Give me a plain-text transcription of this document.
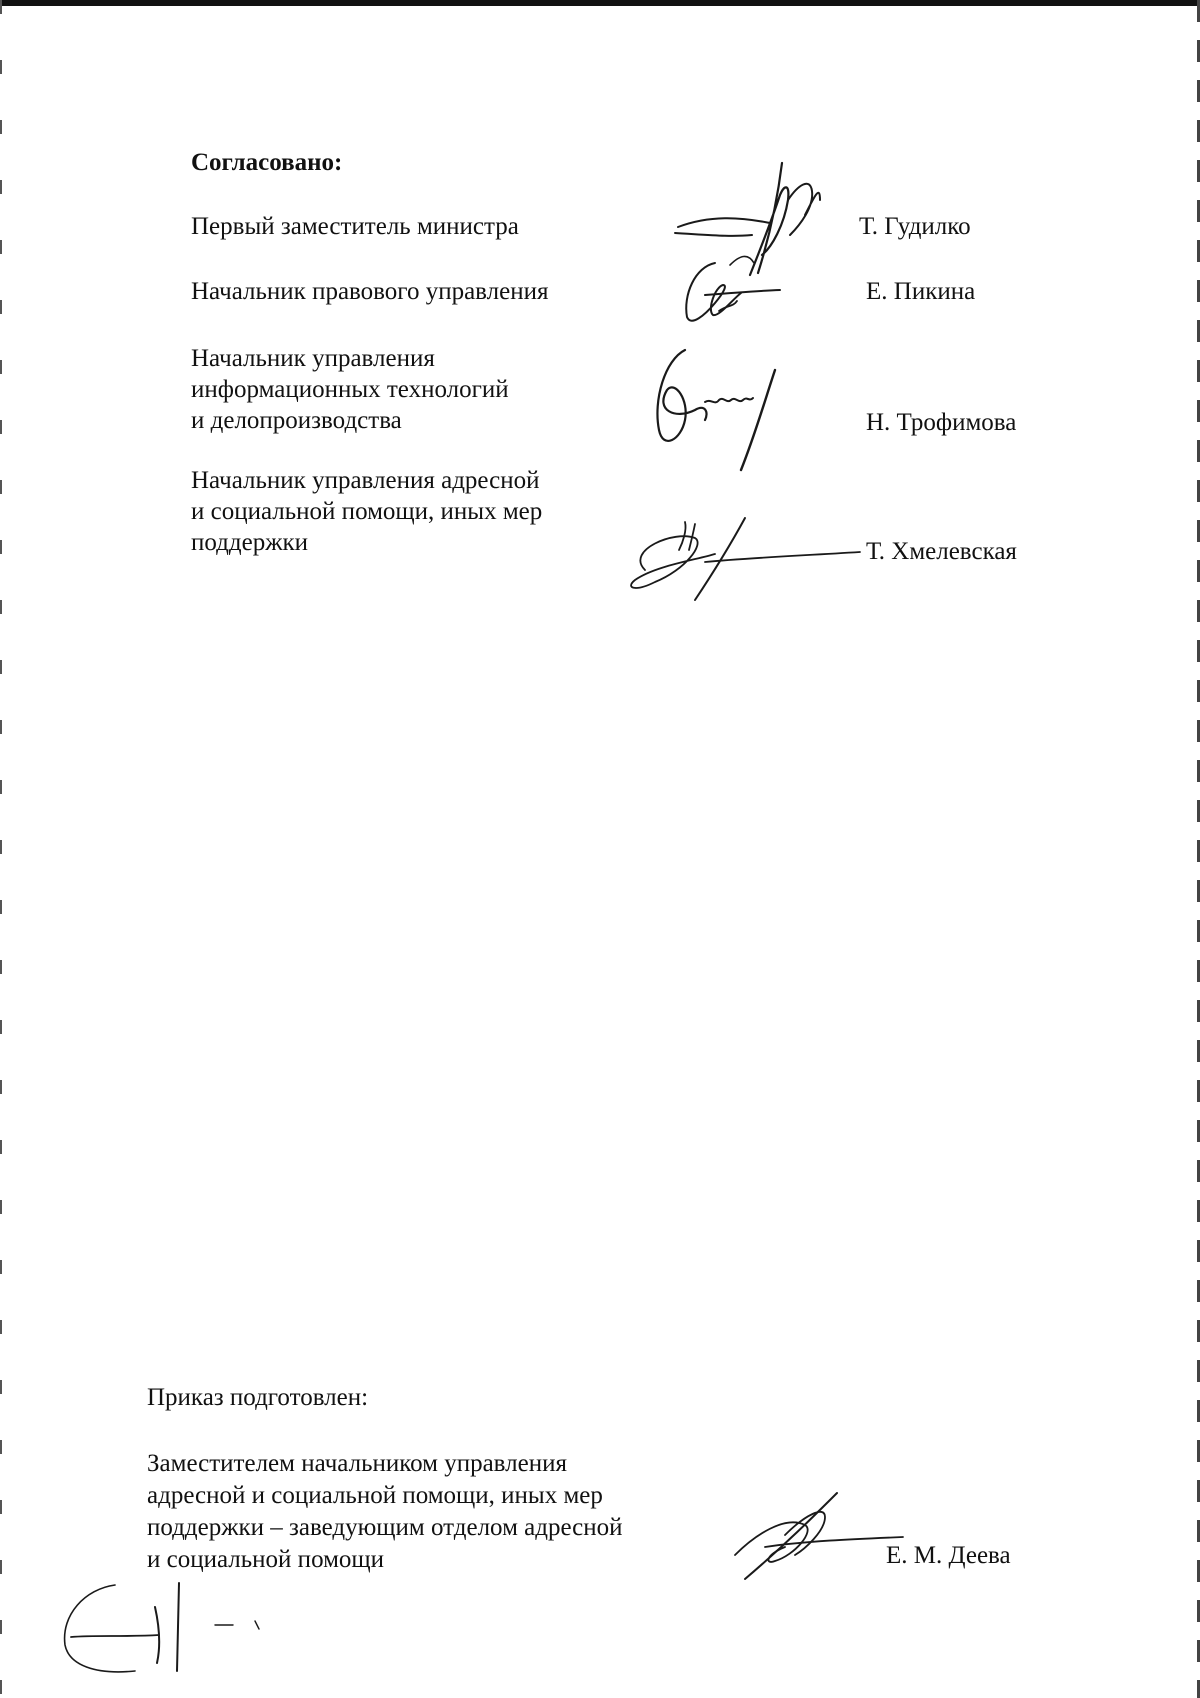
Согласовано:
Первый заместитель министра	Т. Гудилко
Начальник правового управления	Е. Пикина
Начальник управления
информационных технологий
и делопроизводства	Н. Трофимова
Начальник управления адресной
и социальной помощи, иных мер
поддержки	Т. Хмелевская
Приказ подготовлен:
Заместителем начальником управления
адресной и социальной помощи, иных мер
поддержки – заведующим отделом адресной
и социальной помощи	Е. М. Деева
